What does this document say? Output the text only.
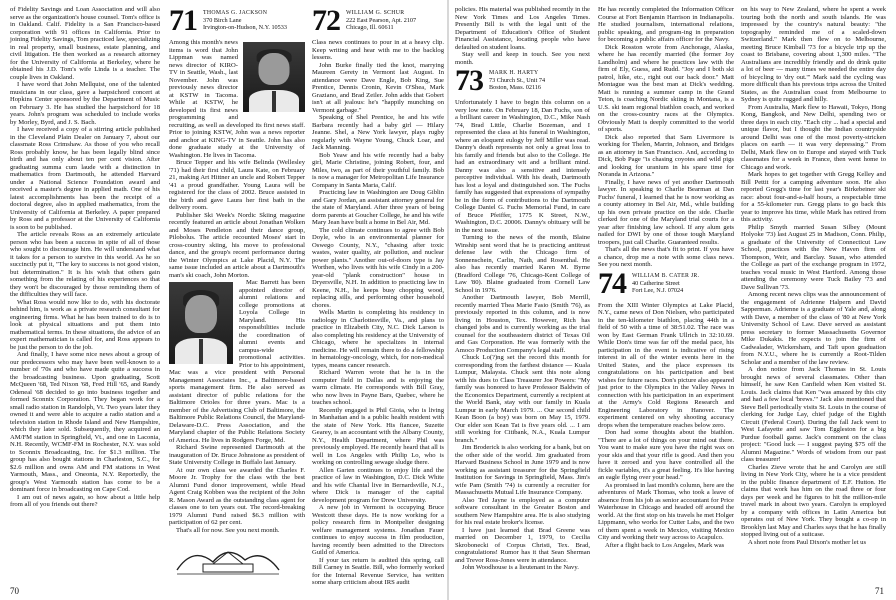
of Fidelity Savings and Loan Association and will also serve as the organization's house counsel. Tom's office is in Oakland. Calif. Fidelity is a San Francisco-based corporation with 91 offices in California. Prior to joining Fidelity Savings, Tom practiced law, specializing in real property, small business, estate planning, and civil litigation. He then worked as a research attorney for the University of California at Berkeley, where he obtained his J.D. Tom's wife Linda is a teacher. The couple lives in Oakland.

I have word that John Mellquist, one of the talented musicians in our class, gave a harpsichord concert at Hopkins Center sponsored by the Department of Music on February 3. He has studied the harpsichord for 18 years. John's program was scheduled to include works by Morley, Byrd, and J. S. Bach.

I have received a copy of a stirring article published in the Cleveland Plain Dealer on January 7, about our classmate Ross Crimshaw. As those of you who recall Ross probably know, he has been legally blind since birth and has only about ten per cent vision. After graduating summa cum laude with a distinction in mathematics from Dartmouth, he attended Harvard under a National Science Foundation award and received a master's degree in applied math. One of his latest accomplishments has been the receipt of a doctoral degree, also in applied mathematics, from the University of California at Berkeley. A paper prepared by Ross and a professor at the University of California is soon to be published.

The article reveals Ross as an extremely articulate person who has been a success in spite of all of those who sought to discourage him. He will understand what it takes for a person to survive in this world. As he so succinctly put it, "The key to success is not good vision, but determination." It is his wish that others gain something from the relating of his experiences so that they won't be discouraged by those reminding them of the difficulties they will face.

What Ross would now like to do, with his doctorate behind him, is work as a private research consultant for engineering firms. What he has been trained to do is to look at physical situations and put them into mathematical terms. In these situations, the advice of an expert mathematician is called for, and Ross appears to be just the person to do the job.

And finally, I have some nice news about a group of our predecessors who may have been well-known to a number of '70s and who have made quite a success in the broadcasting business. Upon graduating, Scott McQueen '68, Ted Nixon '68, Fred Hill '65, and Randy Odeneal '68 decided to go into business together and formed Sconnix Corporation. They began work for a small radio station in Randolph, Vt. Two years later they owned it and were able to acquire a radio station and a television station in Rhode Island and New Hampshire, which they later sold. Subsequently, they acquired an AM/FM station in Springfield, Vt., and one in Laconia, N.H. Recently, WCMF-FM in Rochester, N.Y. was sold to Sconnix Broadcasting, Inc. for $1.3 million. The group has also bought stations in Charleston, S.C., for $2.6 million and owns AM and FM stations in West Yarmouth, Mass., and Oneonta, N.Y. Reportedly, the group's West Yarmouth station has come to be a dominant force in broadcasting on Cape Cod.

I am out of news again, so how about a little help from all of you friends out there?

71	THOMAS G. JACKSON
370 Birch Lane
Irvington-on-Hudson, N.Y. 10533

Among this month's news items is word that John Lippman was named news director of KIRO-TV in Seattle, Wash., last November. John was previously news director at KSTW in Tacoma. While at KSTW, he developed its first news programming and recruiting, as well as developed its first news staff. Prior to joining KSTW, John was a news reporter and anchor at KING-TV in Seattle. John has also done graduate study at the University of Washington. He lives in Tacoma.

Bruce Tepper and his wife Belinda (Wellesley '71) had their first child, Laura Kate, on February 21, making Art Hittner an uncle and Robert Tepper '41 a proud grandfather. Young Laura will be registered for the class of 2002. Bruce assisted in the birth and gave Laura her first bath in the delivery room.

Publisher Ski Week's Nordic Skiing magazine recently featured an article about Jonathan Wolken and Moses Pendleton and their dance group, Pilobolus. The article recounted Moses' start in cross-country skiing, his move to professional dance, and the group's recent performance during the Winter Olympics at Lake Placid, N.Y. The same issue included an article about a Dartmouth's man's ski coach, John Morton.

Mac Barrett has been appointed director of alumni relations and college promotions at Loyola College in Maryland. His responsibilities include the coordination of alumni events and campus-wide promotional activities. Prior to his appointment, Mac was a vice president with Personal Management Associates Inc., a Baltimore-based sports management firm. He also served as assistant director of public relations for the Baltimore Orioles for three years. Mac is a member of the Advertising Club of Baltimore, the Baltimore Public Relations Council, the Maryland-Delaware-D.C. Press Association, and the Maryland chapter of the Public Relations Society of America. He lives in Rodgers Forge, Md.

Richard Swine represented Dartmouth at the inauguration of Dr. Bruce Johnstone as president of State University College in Buffalo last January.

At our own class we awarded the Charles F. Moore Jr. Trophy for the class with the best Alumni Fund donor improvement, while Head Agent Craig Kobben was the recipient of the John R. Mason Award as the outstanding class agent for classes one to ten years out. The record-breaking 1979 Alumni Fund raised $6.3 million with participation of 62 per cent.

That's all for now. See you next month.

72	WILLIAM G. SCHUR
222 East Pearson, Apt. 2107
Chicago, Ill. 60611

Class news continues to pour in at a heavy clip. Keep writing and hear with me to the backlog lessens.

John Burke finally tied the knot, marrying Maureen Gerety in Vermont last August. In attendance were Dave Engle, Bob King, Sue Prentice, Dennis Cronin, Kevin O'Shea, Mark Graziano, and Brad Zeiler. John adds that Gobert isn't at all jealous: he's "happily munching on Vermont garbage."

Speaking of Shel Prentice, he and his wife Barbara recently had a baby girl — Hilary Jeanne. Shel, a New York lawyer, plays rugby regularly with Wayne Young, Chuck Loar, and Jack Manning.

Bob Yeaw and his wife recently had a baby girl, Marie Christine, joining Robert, four, and Miles, two, as part of their youthful family. Bob is now a manager for Metropolitan Life Insurance Company in Santa Maria, Calif.

Practicing law in Washington are Doug Giblin and Gary Jordan, an assistant attorney general for the state of Maryland. After three years of being dorm parents at Goucher College, he and his wife Mary Jean have built a home in Bel Air, Md.

The cold climate continues to agree with Bob Doyle, who is an environmental planner for Oswego County, N.Y., "chasing after toxic wastes, water quality, air pollution, and nuclear power plants." Another out-of-doors type is Jay Worthen, who lives with his wife Cindy in a 200-year-old "plank construction" house in Dryersville, N.H. In addition to practicing law in Keene, N.H., he keeps busy chopping wood, replacing sills, and performing other household chores.

Wells Martin is completing his residency in radiology in Charlottesville, Va., and plans to practice in Elizabeth City, N.C. Dick Larson is also completing his residency at the University of Chicago, where he specializes in internal medicine. He will remain there to do a fellowship in hematology-oncology, which, for non-medical types, means cancer research.

Richard Warren wrote that he is in the computer field in Dallas and is enjoying the warm climate. He corresponds with Bill Gray, who now lives in Payne Bars, Quebec, where he teaches school.

Recently engaged is Phil Gioia, who is living in Manhattan and is a public health resident with the state of New York. His fiancee, Suzette Gearey, is an accountant with the Albany County, N.Y., Health Department, where Phil was previously employed. He recently heard that all is well in Los Angeles with Philip Lo, who is working on controlling sewage sludge there.

Allen Garten continues to enjoy life and the practice of law in Washington, D.C. Dick White and his wife Chantal live in Bernardsville, N.J., where Dick is manager of the capital development program for Drew University.

A new job in Vermont is occupying Bruce Westcott these days. He is now working for a policy research firm in Montpelier designing welfare management systems. Jonathan Fauer continues to enjoy success in film production, having recently been admitted to the Directors Guild of America.

If your tax return is audited this spring, call Bill Carney in Seattle. Bill, who formerly worked for the Internal Revenue Service, has written some sharp criticism about IRS audit

policies. His material was published recently in the New York Times and Los Angeles Times. Presently Bill is with the legal unit of the Department of Education's Office of Student Financial Assistance, locating people who have defaulted on student loans.

Stay well and keep in touch. See you next month.

73	MARK H. HARTY
73 Church St., Unit 74
Boston, Mass. 02116

Unfortunately I have to begin this column on a very low note. On February 18, Dan Fuchs, son of a brilliant career in Washington, D.C., Mike Nash '74, Brad Little, Charlie Bozeman, and I represented the class at his funeral in Washington, where an eloquent eulogy by Jeff Miller was read. Danny's death represents not only a great loss to his family and friends but also to the College. He had an extraordinary wit and a brilliant mind. Danny was also a sensitive and intensely perceptive individual. With his death, Dartmouth has lost a loyal and distinguished son. The Fuchs family has suggested that expressions of sympathy be in the form of contributions to the Dartmouth College Daniel G. Fuchs Memorial Fund, in care of Bruce Pfeiffer, 1775 K Street, N.W., Washington, D.C. 20006. Danny's obituary will be in the next issue.

Turning to the news of the month, Blaine Winship sent word that he is practicing antitrust defense law with the Chicago firm of Sonnenschein, Carlin, Nath, and Rosenthal. He also has recently married Karen M. Byrne (Bradford College '76, Chicago-Kent College of Law '80). Blaine graduated from Cornell Law School in 1976.

Another Dartmouth lawyer, Bob Merrill, recently married Thea Marie Fasio (Smith '76), as previously reported in this column, and is now living in Houston, Tex. However, Rich has changed jobs and is currently working as the trial counsel for the southeastern district of Texas Oil and Gas Corporation. He was formerly with the Amoco Production Company's legal staff.

Chuck Lo(?)ng set the record this month for corresponding from the farthest distance — Kuala Lumpur, Malaysia. Chuck sent this note along with his dues to Class Treasurer Joe Powers: "My family was honored to have Professor Baldwin of the Economics Department, currently a recipient at the World Bank, stay with our family in Kuala Lumpur in early March 1979. ... Our second child Kean Boon (a boy) was born on May 15, 1979. Our elder son Kean Tat is five years old. ... I am still working for Citibank, N.A., Kuala Lumpur branch."

Jim Broderick is also working for a bank, but on the other side of the world. Jim graduated from Harvard Business School in June 1979 and is now working as assistant treasurer for the Springfield Institution for Savings in Springfield, Mass. Jim's wife Pam (Smith '74) is currently a recruiter for Massachusetts Mutual Life Insurance Company.

Also Ted Jayne is employed as a computer software consultant in the Greater Boston and southern New Hampshire area. He is also studying for his real estate broker's license.

I have just learned that Brad Greene was married on December 1, 1979, to Cecilia Skrobonecki of Corpus Christi, Tex. Brad, congratulations! Rumor has it that Sean Sherman and Trevor Ross-Jones were in attendance.

John Woodhouse is a lieutenant in the Navy.

He has recently completed the Information Officer Course at Fort Benjamin Harrison in Indianapolis. He studied journalism, international relations, public speaking, and program-ing in preparation for becoming a public affairs officer for the Navy.

Dick Rosston wrote from Anchorage, Alaska, where he has recently married (the former Joy Landholm) and where he practices law with the firm of Ely, Guess, and Rudd. "Joy and I both ski patrol, hike, etc., right out our back door." Matt Montague was the best man at Dick's wedding. Matt is running a summer camp in the Grand Teton, is coaching Nordic skiing in Montana, is a U.S. ski team regional biathlon coach, and worked on the cross-country races at the Olympics. Obviously Matt is deeply committed to the world of sports.

Dick also reported that Sam Livermore is working for Thelen, Marrin, Johnson, and Bridges as an attorney in San Francisco. And, according to Dick, Bob Page "is chasing coyotes and wild pigs and looking for uranium in his spare time for Noranda in Arizona."

Finally, I have news of yet another Dartmouth lawyer. In speaking to Charlie Bearman at Dan Fuchs' funeral, I learned that he is now working as a county attorney in Bel Air, Md., while building up his own private practice on the side. Charlie clerked for one of the Maryland trial courts for a year after finishing law school. If any alum gets nailed for DWI by one of those tough Maryland troopers, just call Charlie. Guaranteed results.

That's all the news that's fit to print. If you have a chance, drop me a note with some class news. See you next month.

74	WILLIAM B. CATER JR.
40 Catherine Street
Fort Lee, N.J. 07024

From the XIII Winter Olympics at Lake Placid, N.Y., came news of Don Nielsen, who participated in the ten-kilometer biathlon, placing 44th in a field of 50 with a time of 38:51.02. The race was won by East German Frank Ullrich in 32:10.69. While Don's time was far off the medal pace, his participation in the event is indicative of rising interest in all of the winter events here in the United States, and the place expresses its congratulations on his participation and best wishes for future races. Don's picture also appeared just prior to the Olympics in the Valley News in connection with his participation in an experiment at the Army's Cold Regions Research and Engineering Laboratory in Hanover. The experiment centered on why shooting accuracy drops when the temperature reaches below zero.

Don had some thoughts about the biathlon. "There are a lot of things on your mind out there. You want to make sure you have the right wax on your skis and that your rifle is good. And then you have it zeroed and you have controlled all the fickle variables, it's a great feeling. It's like having an eagle flying over your head."

As promised in last month's column, here are the adventures of Mark Thomas, who took a leave of absence from his job as senior accountant for Price Waterhouse in Chicago and headed off around the world. At the first stop on his travels he met Holger Lippmann, who works for Cutter Labs, and the two of them spent a week in Mexico, visiting Mexico City and working their way across to Acapulco.

After a flight back to Los Angeles, Mark was

on his way to New Zealand, where he spent a week touring both the north and south islands. He was impressed by the country's natural beauty: "the topography reminded me of a scaled-down Switzerland." Mark then flew on to Melbourne, meeting Bruce Kimball '73 for a bicycle trip up the coast to Brisbane, covering about 1,300 miles. "The Australians are incredibly friendly and do drink quite a lot of beer — many times we needed the entire day of bicycling to 'dry out.'" Mark said the cycling was more difficult than his previous trips across the United States, as the Australian coast from Melbourne to Sydney is quite rugged and hilly.

From Australia, Mark flew to Hawaii, Tokyo, Hong Kong, Bangkok, and New Delhi, spending two or three days in each city. "Each city ... had a special and unique flavor, but I thought the Indian countryside around Delhi was one of the most poverty-stricken places on earth — it was very depressing." From Delhi, Mark flew on to Europe and stayed with Tuck classmates for a week in France, then went home to Chicago and work.

Mark hopes to get together with Gregg Kelley and Bill Pettit for a camping adventure soon. He also reported Gregg's time for last year's Birkebeiner ski race: about four-and-a-half hours, a respectable time for a 55-kilometer run. Gregg plans to go back this year to improve his time, while Mark has retired from this activity.

Philip Smyth married Susan Silbey (Mount Holyoke '73) last August 25 in Madison, Conn. Philip, a graduate of the University of Connecticut Law School, practices with the New Haven firm of Thompson, Weir, and Barclay. Susan, who attended the College as part of the exchange program in 1972, teaches vocal music in West Hartford. Among those attending the ceremony were Tuck Bailey '73 and Dave Sullivan '73.

Among recent news clips was the announcement of the engagement of Adrienne Halpern and David Sapperman. Adrienne is a graduate of Yale and, along with Dave, a member of the class of '80 at New York University School of Law. Dave served as assistant press secretary to former Massachusetts Governor Mike Dukakis. He expects to join the firm of Cadwalader, Wickersham, and Taft upon graduation from N.Y.U., where he is currently a Root-Tilden Scholar and a member of the law review.

A don notice from Jack Thomas in St. Louis brought news of several classmates. Other than himself, he saw Ken Canfield when Ken visited St. Louis. Jack claims that Ken "was amazed by this city and had a few local 'brews.'" Jack also mentioned that Steve Bell periodically visits St. Louis in the course of clerking for Judge Lay, chief judge of the Eighth Circuit (Federal Court). During the fall Jack went to West Lafayette and saw Tom Eggleston for a big Purdue football game. Jack's comment on the class project: "Good luck — I suggest paying $75 off the Alumni Magazine." Words of wisdom from our past class treasurer!

Charles Zieve wrote that he and Carolyn are still living in New York City, where he is a vice president in the public finance department of E.F. Hutton. He claims that work has him on the road three or four days per week and he figures to hit the million-mile travel mark in about two years. Carolyn is employed by a company with offices in Latin America but operates out of New York. They bought a co-op in Brooklyn last May and Charles says that he has finally stopped living out of a suitcase.

A short note from Paul Dixon's mother let us

70	71
